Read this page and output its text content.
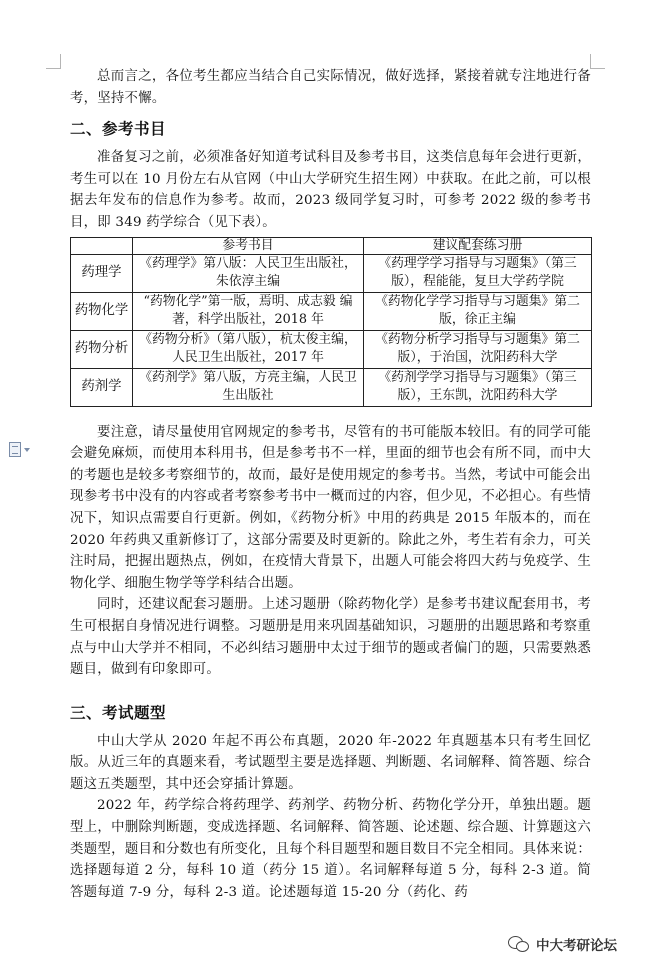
总而言之，各位考生都应当结合自己实际情况，做好选择，紧接着就专注地进行备考，坚持不懈。

二、参考书目

准备复习之前，必须准备好知道考试科目及参考书目，这类信息每年会进行更新，考生可以在 10 月份左右从官网（中山大学研究生招生网）中获取。在此之前，可以根据去年发布的信息作为参考。故而，2023 级同学复习时，可参考 2022 级的参考书目，即 349 药学综合（见下表）。

	参考书目	建议配套练习册
药理学	《药理学》第八版：人民卫生出版社，朱依淳主编	《药理学学习指导与习题集》（第三版），程能能，复旦大学药学院
药物化学	“药物化学”第一版，焉明、成志毅 编著，科学出版社，2018 年	《药物化学学习指导与习题集》第二版，徐正主编
药物分析	《药物分析》（第八版），杭太俊主编， 人民卫生出版社，2017 年	《药物分析学习指导与习题集》第二版），于治国，沈阳药科大学
药剂学	《药剂学》第八版，方亮主编，人民卫生出版社	《药剂学学习指导与习题集》（第三版），王东凯，沈阳药科大学

要注意，请尽量使用官网规定的参考书，尽管有的书可能版本较旧。有的同学可能会避免麻烦，而使用本科用书，但是参考书不一样，里面的细节也会有所不同，而中大的考题也是较多考察细节的，故而，最好是使用规定的参考书。当然，考试中可能会出现参考书中没有的内容或者考察参考书中一概而过的内容，但少见，不必担心。有些情况下，知识点需要自行更新。例如，《药物分析》中用的药典是 2015 年版本的，而在 2020 年药典又重新修订了，这部分需要及时更新的。除此之外，考生若有余力，可关注时局，把握出题热点，例如，在疫情大背景下，出题人可能会将四大药与免疫学、生物化学、细胞生物学等学科结合出题。

同时，还建议配套习题册。上述习题册（除药物化学）是参考书建议配套用书，考生可根据自身情况进行调整。习题册是用来巩固基础知识，习题册的出题思路和考察重点与中山大学并不相同，不必纠结习题册中太过于细节的题或者偏门的题，只需要熟悉题目，做到有印象即可。

三、考试题型

中山大学从 2020 年起不再公布真题，2020 年-2022 年真题基本只有考生回忆版。从近三年的真题来看，考试题型主要是选择题、判断题、名词解释、简答题、综合题这五类题型，其中还会穿插计算题。

2022 年，药学综合将药理学、药剂学、药物分析、药物化学分开，单独出题。题型上，中删除判断题，变成选择题、名词解释、简答题、论述题、综合题、计算题这六类题型，题目和分数也有所变化，且每个科目题型和题目数目不完全相同。具体来说：选择题每道 2 分，每科 10 道（药分 15 道）。名词解释每道 5 分，每科 2-3 道。简答题每道 7-9 分，每科 2-3 道。论述题每道 15-20 分（药化、药

中大考研论坛
